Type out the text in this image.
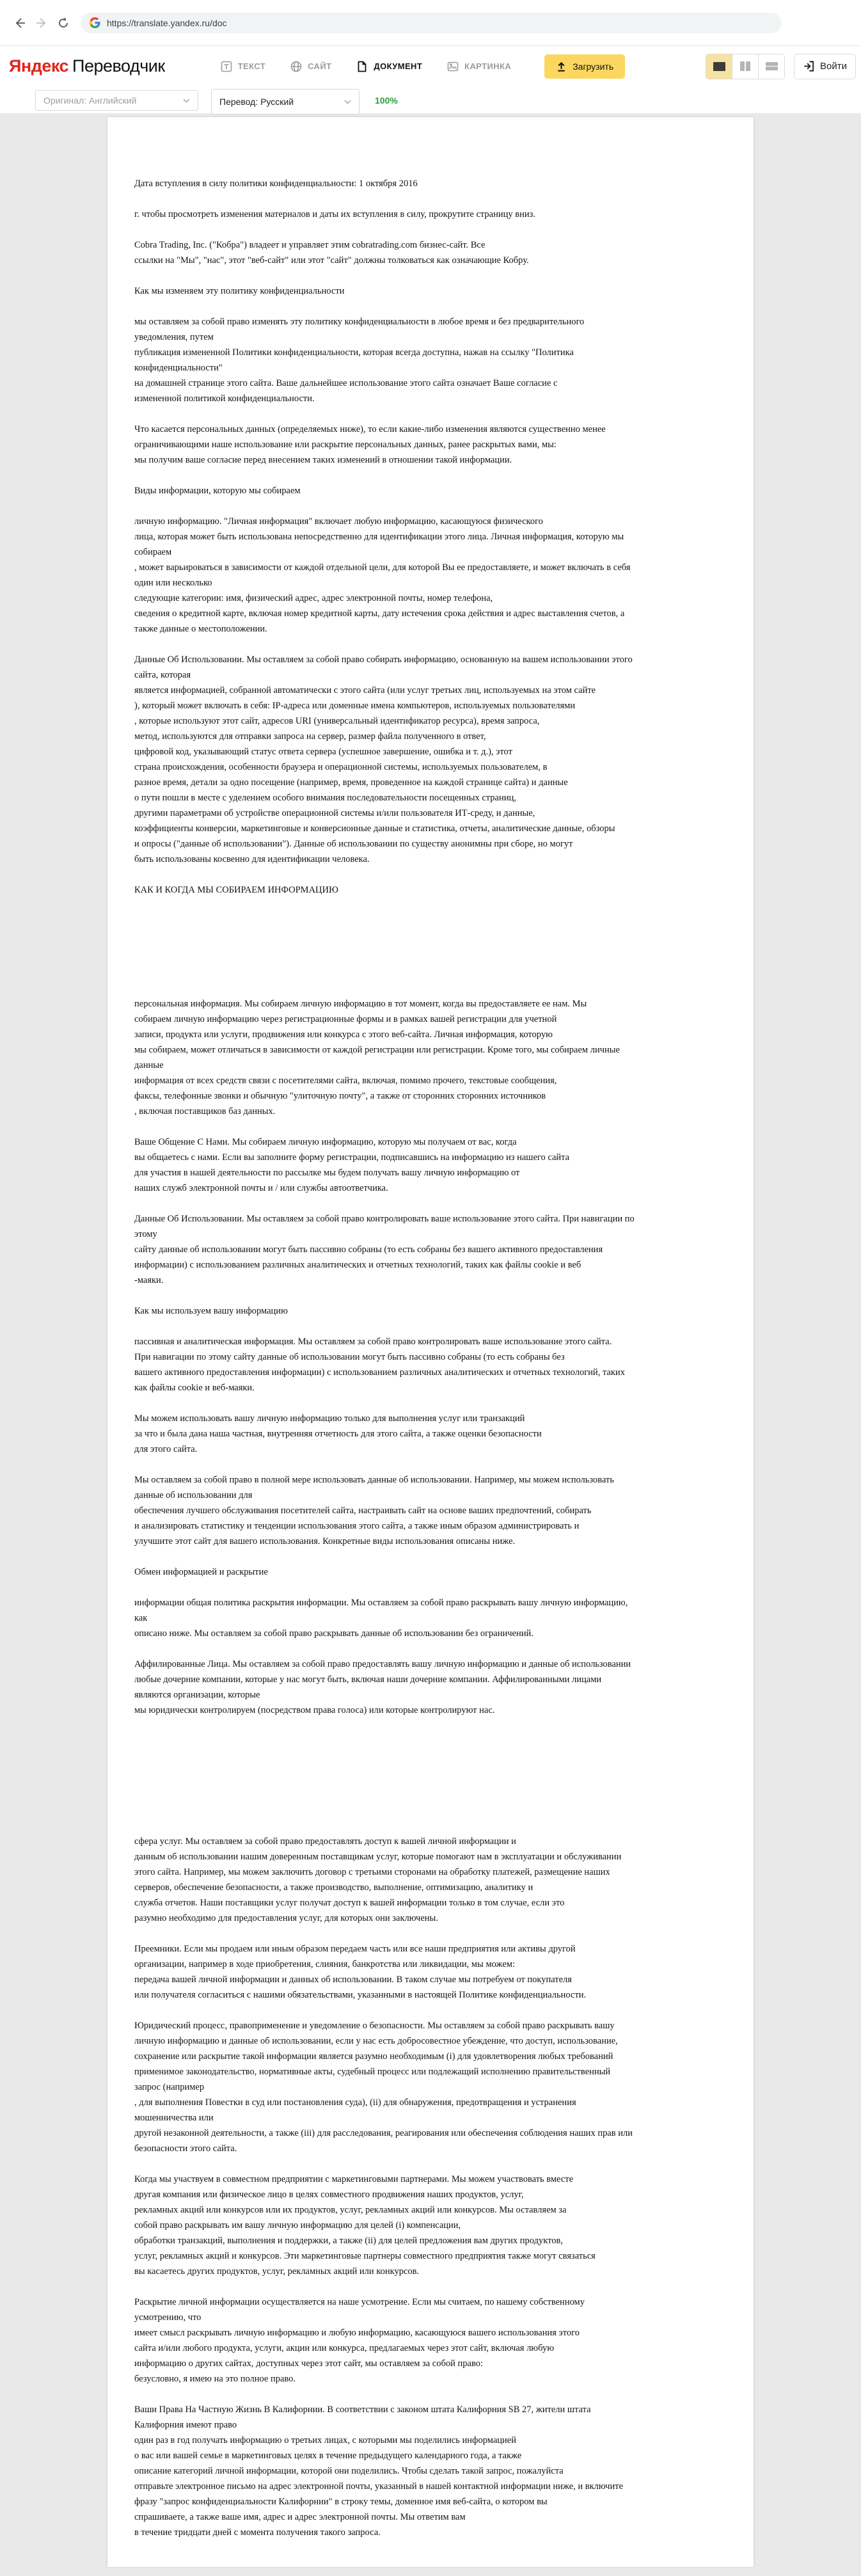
https://translate.yandex.ru/doc
Яндекс Переводчик	ТЕКСТ	САЙТ	ДОКУМЕНТ	КАРТИНКА	Загрузить	Войти
Оригинал: Английский	Перевод: Русский	100%
Дата вступления в силу политики конфиденциальности: 1 октября 2016
г. чтобы просмотреть изменения материалов и даты их вступления в силу, прокрутите страницу вниз.
Cobra Trading, Inc. ("Кобра") владеет и управляет этим cobratrading.com бизнес-сайт. Все
ссылки на "Мы", "нас", этот "веб-сайт" или этот "сайт" должны толковаться как означающие Кобру.
Как мы изменяем эту политику конфиденциальности
мы оставляем за собой право изменять эту политику конфиденциальности в любое время и без предварительного
уведомления, путем
публикация измененной Политики конфиденциальности, которая всегда доступна, нажав на ссылку "Политика
конфиденциальности"
на домашней странице этого сайта. Ваше дальнейшее использование этого сайта означает Ваше согласие с
измененной политикой конфиденциальности.
Что касается персональных данных (определяемых ниже), то если какие-либо изменения являются существенно менее
ограничивающими наше использование или раскрытие персональных данных, ранее раскрытых вами, мы:
мы получим ваше согласие перед внесением таких изменений в отношении такой информации.
Виды информации, которую мы собираем
личную информацию. "Личная информация" включает любую информацию, касающуюся физического
лица, которая может быть использована непосредственно для идентификации этого лица. Личная информация, которую мы
собираем
, может варьироваться в зависимости от каждой отдельной цели, для которой Вы ее предоставляете, и может включать в себя
один или несколько
следующие категории: имя, физический адрес, адрес электронной почты, номер телефона,
сведения о кредитной карте, включая номер кредитной карты, дату истечения срока действия и адрес выставления счетов, а
также данные о местоположении.
Данные Об Использовании. Мы оставляем за собой право собирать информацию, основанную на вашем использовании этого
сайта, которая
является информацией, собранной автоматически с этого сайта (или услуг третьих лиц, используемых на этом сайте
), который может включать в себя: IP-адреса или доменные имена компьютеров, используемых пользователями
, которые используют этот сайт, адресов URI (универсальный идентификатор ресурса), время запроса,
метод, используются для отправки запроса на сервер, размер файла полученного в ответ,
цифровой код, указывающий статус ответа сервера (успешное завершение, ошибка и т. д.), этот
страна происхождения, особенности браузера и операционной системы, используемых пользователем, в
разное время, детали за одно посещение (например, время, проведенное на каждой странице сайта) и данные
о пути пошли в месте с уделением особого внимания последовательности посещенных страниц,
другими параметрами об устройстве операционной системы и/или пользователя ИТ-среду, и данные,
коэффициенты конверсии, маркетинговые и конверсионные данные и статистика, отчеты, аналитические данные, обзоры
и опросы ("данные об использовании"). Данные об использовании по существу анонимны при сборе, но могут
быть использованы косвенно для идентификации человека.
КАК И КОГДА МЫ СОБИРАЕМ ИНФОРМАЦИЮ
персональная информация. Мы собираем личную информацию в тот момент, когда вы предоставляете ее нам. Мы
собираем личную информацию через регистрационные формы и в рамках вашей регистрации для учетной
записи, продукта или услуги, продвижения или конкурса с этого веб-сайта. Личная информация, которую
мы собираем, может отличаться в зависимости от каждой регистрации или регистрации. Кроме того, мы собираем личные
данные
информация от всех средств связи с посетителями сайта, включая, помимо прочего, текстовые сообщения,
факсы, телефонные звонки и обычную "улиточную почту", а также от сторонних сторонних источников
, включая поставщиков баз данных.
Ваше Общение С Нами. Мы собираем личную информацию, которую мы получаем от вас, когда
вы общаетесь с нами. Если вы заполните форму регистрации, подписавшись на информацию из нашего сайта
для участия в нашей деятельности по рассылке мы будем получать вашу личную информацию от
наших служб электронной почты и / или службы автоответчика.
Данные Об Использовании. Мы оставляем за собой право контролировать ваше использование этого сайта. При навигации по
этому
сайту данные об использовании могут быть пассивно собраны (то есть собраны без вашего активного предоставления
информации) с использованием различных аналитических и отчетных технологий, таких как файлы cookie и веб
-маяки.
Как мы используем вашу информацию
пассивная и аналитическая информация. Мы оставляем за собой право контролировать ваше использование этого сайта.
При навигации по этому сайту данные об использовании могут быть пассивно собраны (то есть собраны без
вашего активного предоставления информации) с использованием различных аналитических и отчетных технологий, таких
как файлы cookie и веб-маяки.
Мы можем использовать вашу личную информацию только для выполнения услуг или транзакций
за что и была дана наша частная, внутренняя отчетность для этого сайта, а также оценки безопасности
для этого сайта.
Мы оставляем за собой право в полной мере использовать данные об использовании. Например, мы можем использовать
данные об использовании для
обеспечения лучшего обслуживания посетителей сайта, настраивать сайт на основе ваших предпочтений, собирать
и анализировать статистику и тенденции использования этого сайта, а также иным образом администрировать и
улучшите этот сайт для вашего использования. Конкретные виды использования описаны ниже.
Обмен информацией и раскрытие
информации общая политика раскрытия информации. Мы оставляем за собой право раскрывать вашу личную информацию,
как
описано ниже. Мы оставляем за собой право раскрывать данные об использовании без ограничений.
Аффилированные Лица. Мы оставляем за собой право предоставлять вашу личную информацию и данные об использовании
любые дочерние компании, которые у нас могут быть, включая наши дочерние компании. Аффилированными лицами
являются организации, которые
мы юридически контролируем (посредством права голоса) или которые контролируют нас.
сфера услуг. Мы оставляем за собой право предоставлять доступ к вашей личной информации и
данным об использовании нашим доверенным поставщикам услуг, которые помогают нам в эксплуатации и обслуживании
этого сайта. Например, мы можем заключить договор с третьими сторонами на обработку платежей, размещение наших
серверов, обеспечение безопасности, а также производство, выполнение, оптимизацию, аналитику и
служба отчетов. Наши поставщики услуг получат доступ к вашей информации только в том случае, если это
разумно необходимо для предоставления услуг, для которых они заключены.
Преемники. Если мы продаем или иным образом передаем часть или все наши предприятия или активы другой
организации, например в ходе приобретения, слияния, банкротства или ликвидации, мы можем:
передача вашей личной информации и данных об использовании. В таком случае мы потребуем от покупателя
или получателя согласиться с нашими обязательствами, указанными в настоящей Политике конфиденциальности.
Юридический процесс, правоприменение и уведомление о безопасности. Мы оставляем за собой право раскрывать вашу
личную информацию и данные об использовании, если у нас есть добросовестное убеждение, что доступ, использование,
сохранение или раскрытие такой информации является разумно необходимым (i) для удовлетворения любых требований
применимое законодательство, нормативные акты, судебный процесс или подлежащий исполнению правительственный
запрос (например
, для выполнения Повестки в суд или постановления суда), (ii) для обнаружения, предотвращения и устранения
мошенничества или
другой незаконной деятельности, а также (iii) для расследования, реагирования или обеспечения соблюдения наших прав или
безопасности этого сайта.
Когда мы участвуем в совместном предприятии с маркетинговыми партнерами. Мы можем участвовать вместе
другая компания или физическое лицо в целях совместного продвижения наших продуктов, услуг,
рекламных акций или конкурсов или их продуктов, услуг, рекламных акций или конкурсов. Мы оставляем за
собой право раскрывать им вашу личную информацию для целей (i) компенсации,
обработки транзакций, выполнения и поддержки, а также (ii) для целей предложения вам других продуктов,
услуг, рекламных акций и конкурсов. Эти маркетинговые партнеры совместного предприятия также могут связаться
вы касаетесь других продуктов, услуг, рекламных акций или конкурсов.
Раскрытие личной информации осуществляется на наше усмотрение. Если мы считаем, по нашему собственному
усмотрению, что
имеет смысл раскрывать личную информацию и любую информацию, касающуюся вашего использования этого
сайта и/или любого продукта, услуги, акции или конкурса, предлагаемых через этот сайт, включая любую
информацию о других сайтах, доступных через этот сайт, мы оставляем за собой право:
безусловно, я имею на это полное право.
Ваши Права На Частную Жизнь В Калифорнии. В соответствии с законом штата Калифорния SB 27, жители штата
Калифорния имеют право
один раз в год получать информацию о третьих лицах, с которыми мы поделились информацией
о вас или вашей семье в маркетинговых целях в течение предыдущего календарного года, а также
описание категорий личной информации, которой они поделились. Чтобы сделать такой запрос, пожалуйста
отправьте электронное письмо на адрес электронной почты, указанный в нашей контактной информации ниже, и включите
фразу "запрос конфиденциальности Калифорнии" в строку темы, доменное имя веб-сайта, о котором вы
спрашиваете, а также ваше имя, адрес и адрес электронной почты. Мы ответим вам
в течение тридцати дней с момента получения такого запроса.
